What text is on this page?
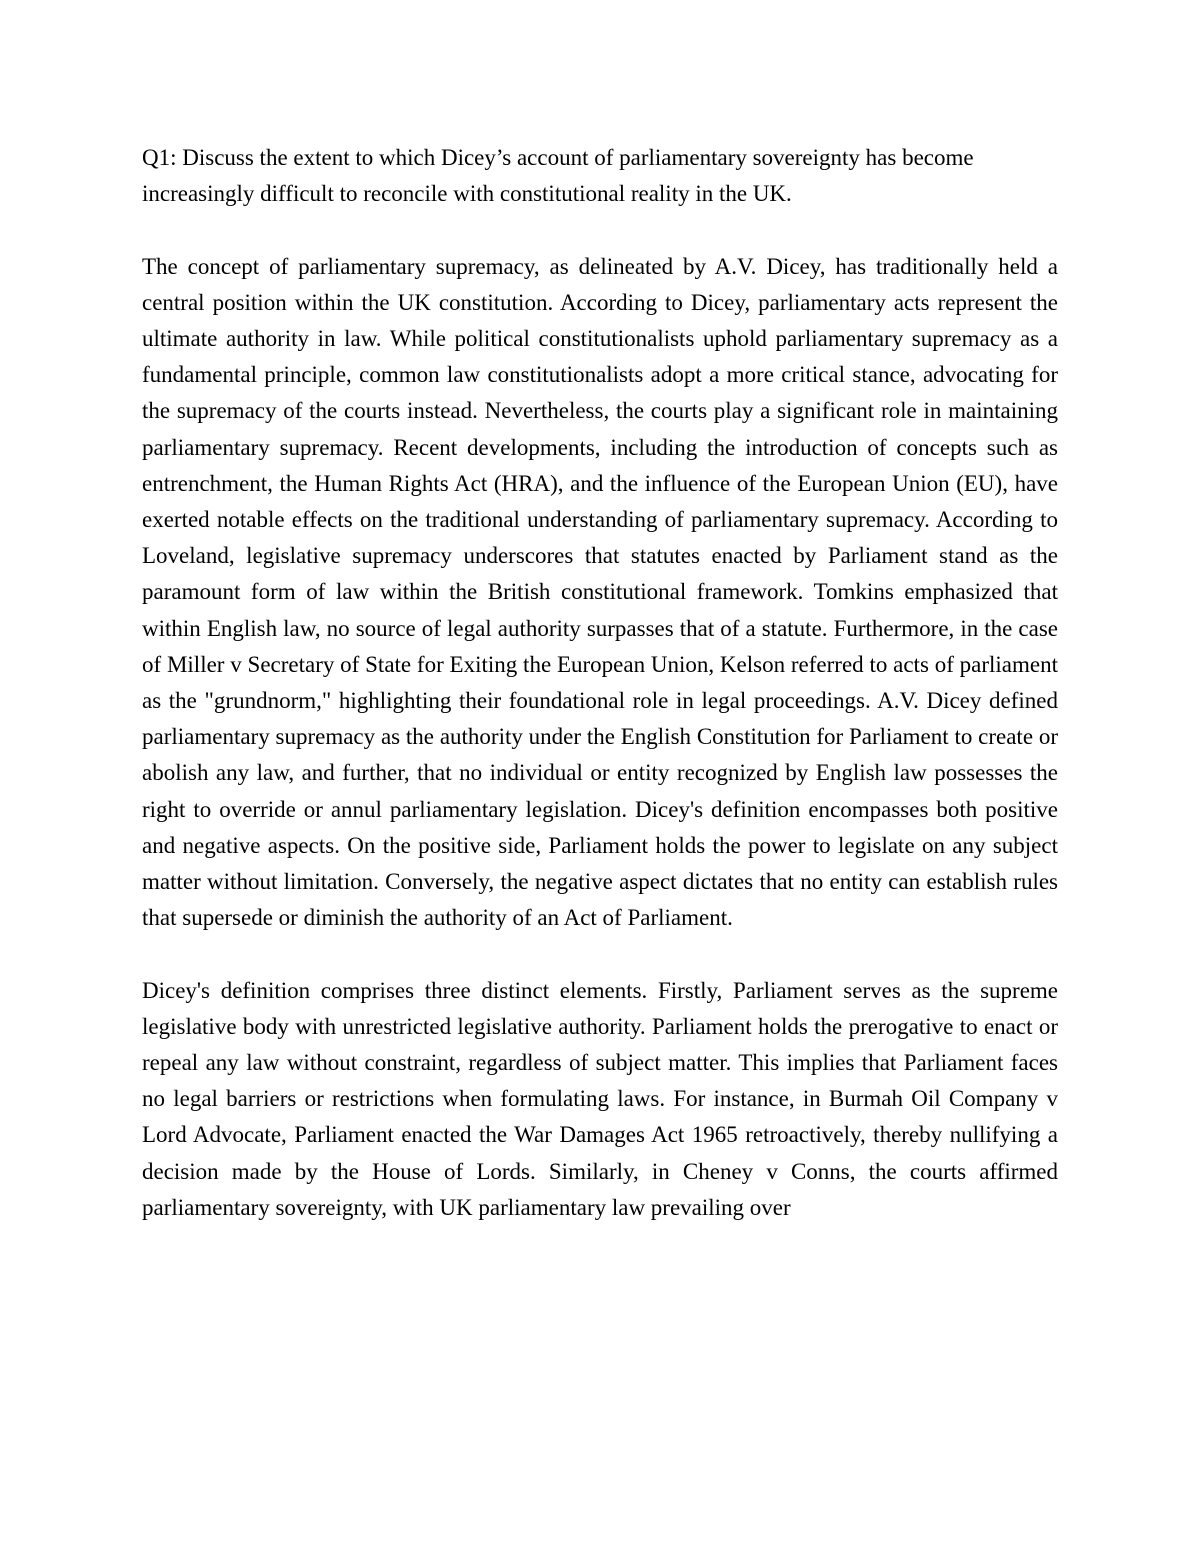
Q1: Discuss the extent to which Dicey’s account of parliamentary sovereignty has become increasingly difficult to reconcile with constitutional reality in the UK.

The concept of parliamentary supremacy, as delineated by A.V. Dicey, has traditionally held a central position within the UK constitution. According to Dicey, parliamentary acts represent the ultimate authority in law. While political constitutionalists uphold parliamentary supremacy as a fundamental principle, common law constitutionalists adopt a more critical stance, advocating for the supremacy of the courts instead. Nevertheless, the courts play a significant role in maintaining parliamentary supremacy. Recent developments, including the introduction of concepts such as entrenchment, the Human Rights Act (HRA), and the influence of the European Union (EU), have exerted notable effects on the traditional understanding of parliamentary supremacy. According to Loveland, legislative supremacy underscores that statutes enacted by Parliament stand as the paramount form of law within the British constitutional framework. Tomkins emphasized that within English law, no source of legal authority surpasses that of a statute. Furthermore, in the case of Miller v Secretary of State for Exiting the European Union, Kelson referred to acts of parliament as the "grundnorm," highlighting their foundational role in legal proceedings. A.V. Dicey defined parliamentary supremacy as the authority under the English Constitution for Parliament to create or abolish any law, and further, that no individual or entity recognized by English law possesses the right to override or annul parliamentary legislation. Dicey's definition encompasses both positive and negative aspects. On the positive side, Parliament holds the power to legislate on any subject matter without limitation. Conversely, the negative aspect dictates that no entity can establish rules that supersede or diminish the authority of an Act of Parliament.

Dicey's definition comprises three distinct elements. Firstly, Parliament serves as the supreme legislative body with unrestricted legislative authority. Parliament holds the prerogative to enact or repeal any law without constraint, regardless of subject matter. This implies that Parliament faces no legal barriers or restrictions when formulating laws. For instance, in Burmah Oil Company v Lord Advocate, Parliament enacted the War Damages Act 1965 retroactively, thereby nullifying a decision made by the House of Lords. Similarly, in Cheney v Conns, the courts affirmed parliamentary sovereignty, with UK parliamentary law prevailing over
